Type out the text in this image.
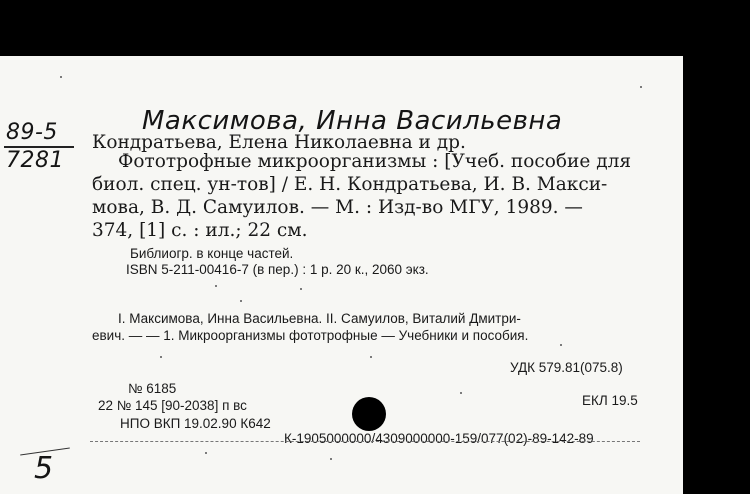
Максимова, Инна Васильевна
89-5
7281
Кондратьева, Елена Николаевна и др.
Фототрофные микроорганизмы : [Учеб. пособие для
биол. спец. ун-тов] / Е. Н. Кондратьева, И. В. Макси-
мова, В. Д. Самуилов. — М. : Изд-во МГУ, 1989. —
374, [1] с. : ил.; 22 см.
Библиогр. в конце частей.
ISBN 5-211-00416-7 (в пер.) : 1 р. 20 к., 2060 экз.
I. Максимова, Инна Васильевна. II. Самуилов, Виталий Дмитри-
евич. — — 1. Микроорганизмы фототрофные — Учебники и пособия.
УДК 579.81(075.8)
ЕКЛ 19.5
№ 6185
22 № 145 [90-2038] п вс
НПО ВКП 19.02.90 К642
К-1905000000/4309000000-159/077(02)-89-142-89
5
